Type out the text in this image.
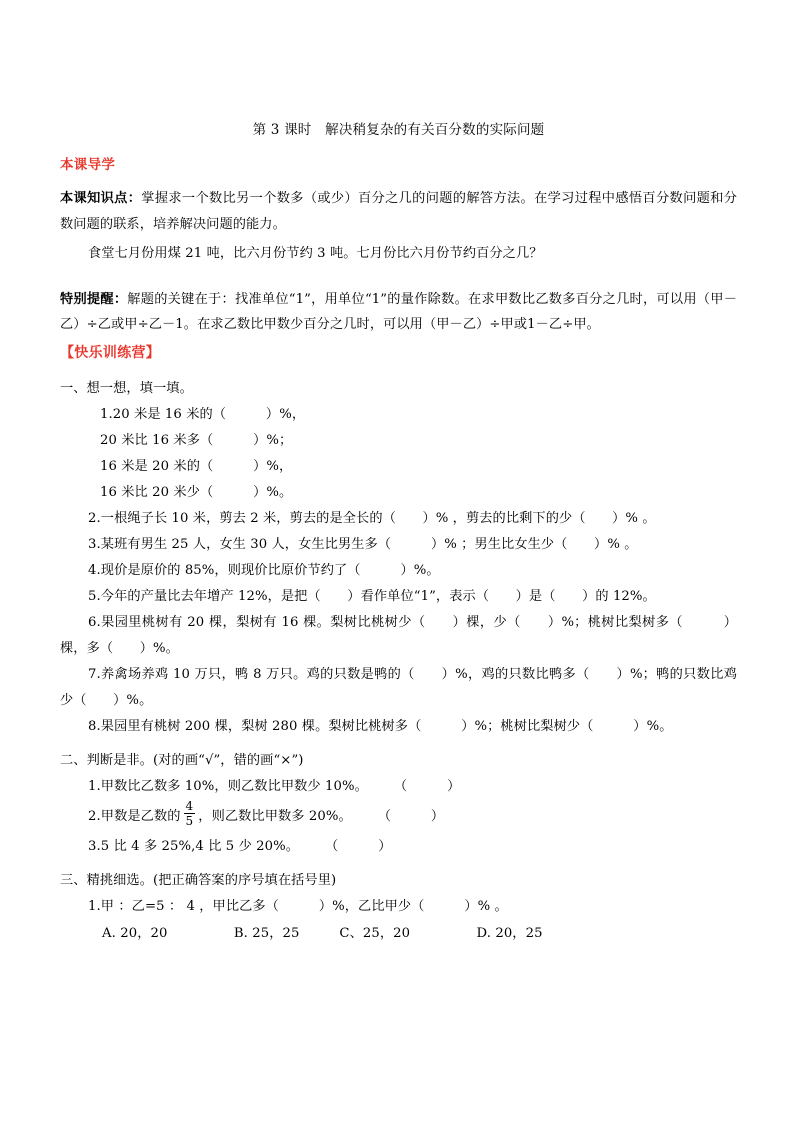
第 3 课时　解决稍复杂的有关百分数的实际问题
本课导学

本课知识点：掌握求一个数比另一个数多（或少）百分之几的问题的解答方法。在学习过程中感悟百分数问题和分数问题的联系，培养解决问题的能力。

食堂七月份用煤 21 吨，比六月份节约 3 吨。七月份比六月份节约百分之几？

特别提醒：解题的关键在于：找准单位“1”，用单位“1”的量作除数。在求甲数比乙数多百分之几时，可以用（甲－乙）÷乙或甲÷乙－1。在求乙数比甲数少百分之几时，可以用（甲－乙）÷甲或1－乙÷甲。

【快乐训练营】
一、想一想，填一填。
1.20 米是 16 米的（　　　）%，
20 米比 16 米多（　　　）%；
16 米是 20 米的（　　　）%，
16 米比 20 米少（　　　）%。
2.一根绳子长 10 米，剪去 2 米，剪去的是全长的（　　）% ，剪去的比剩下的少（　　）% 。
3.某班有男生 25 人，女生 30 人，女生比男生多（　　　）% ；男生比女生少（　　）% 。
4.现价是原价的 85%，则现价比原价节约了（　　　）%。
5.今年的产量比去年增产 12%，是把（　　）看作单位“1”，表示（　　）是（　　）的 12%。
6.果园里桃树有 20 棵，梨树有 16 棵。梨树比桃树少（　　）棵，少（　　）%；桃树比梨树多（　　　）棵，多（　　）%。
7.养禽场养鸡 10 万只，鸭 8 万只。鸡的只数是鸭的（　　）%，鸡的只数比鸭多（　　）%；鸭的只数比鸡少（　　）%。
8.果园里有桃树 200 棵，梨树 280 棵。梨树比桃树多（　　　）%；桃树比梨树少（　　　）%。
二、判断是非。(对的画“√”，错的画“×”)
1.甲数比乙数多 10%，则乙数比甲数少 10%。 （　　　）
2.甲数是乙数的 $\frac{4}{5}$ ，则乙数比甲数多 20%。 （　　　）
3.5 比 4 多 25%,4 比 5 少 20%。 （　　　）
三、精挑细选。(把正确答案的序号填在括号里)
1.甲 ：乙=5 ： 4 ，甲比乙多（　　　）%，乙比甲少（　　　）% 。
A. 20，20　　　　　B. 25，25　　　C、25，20　　　　　D. 20，25
